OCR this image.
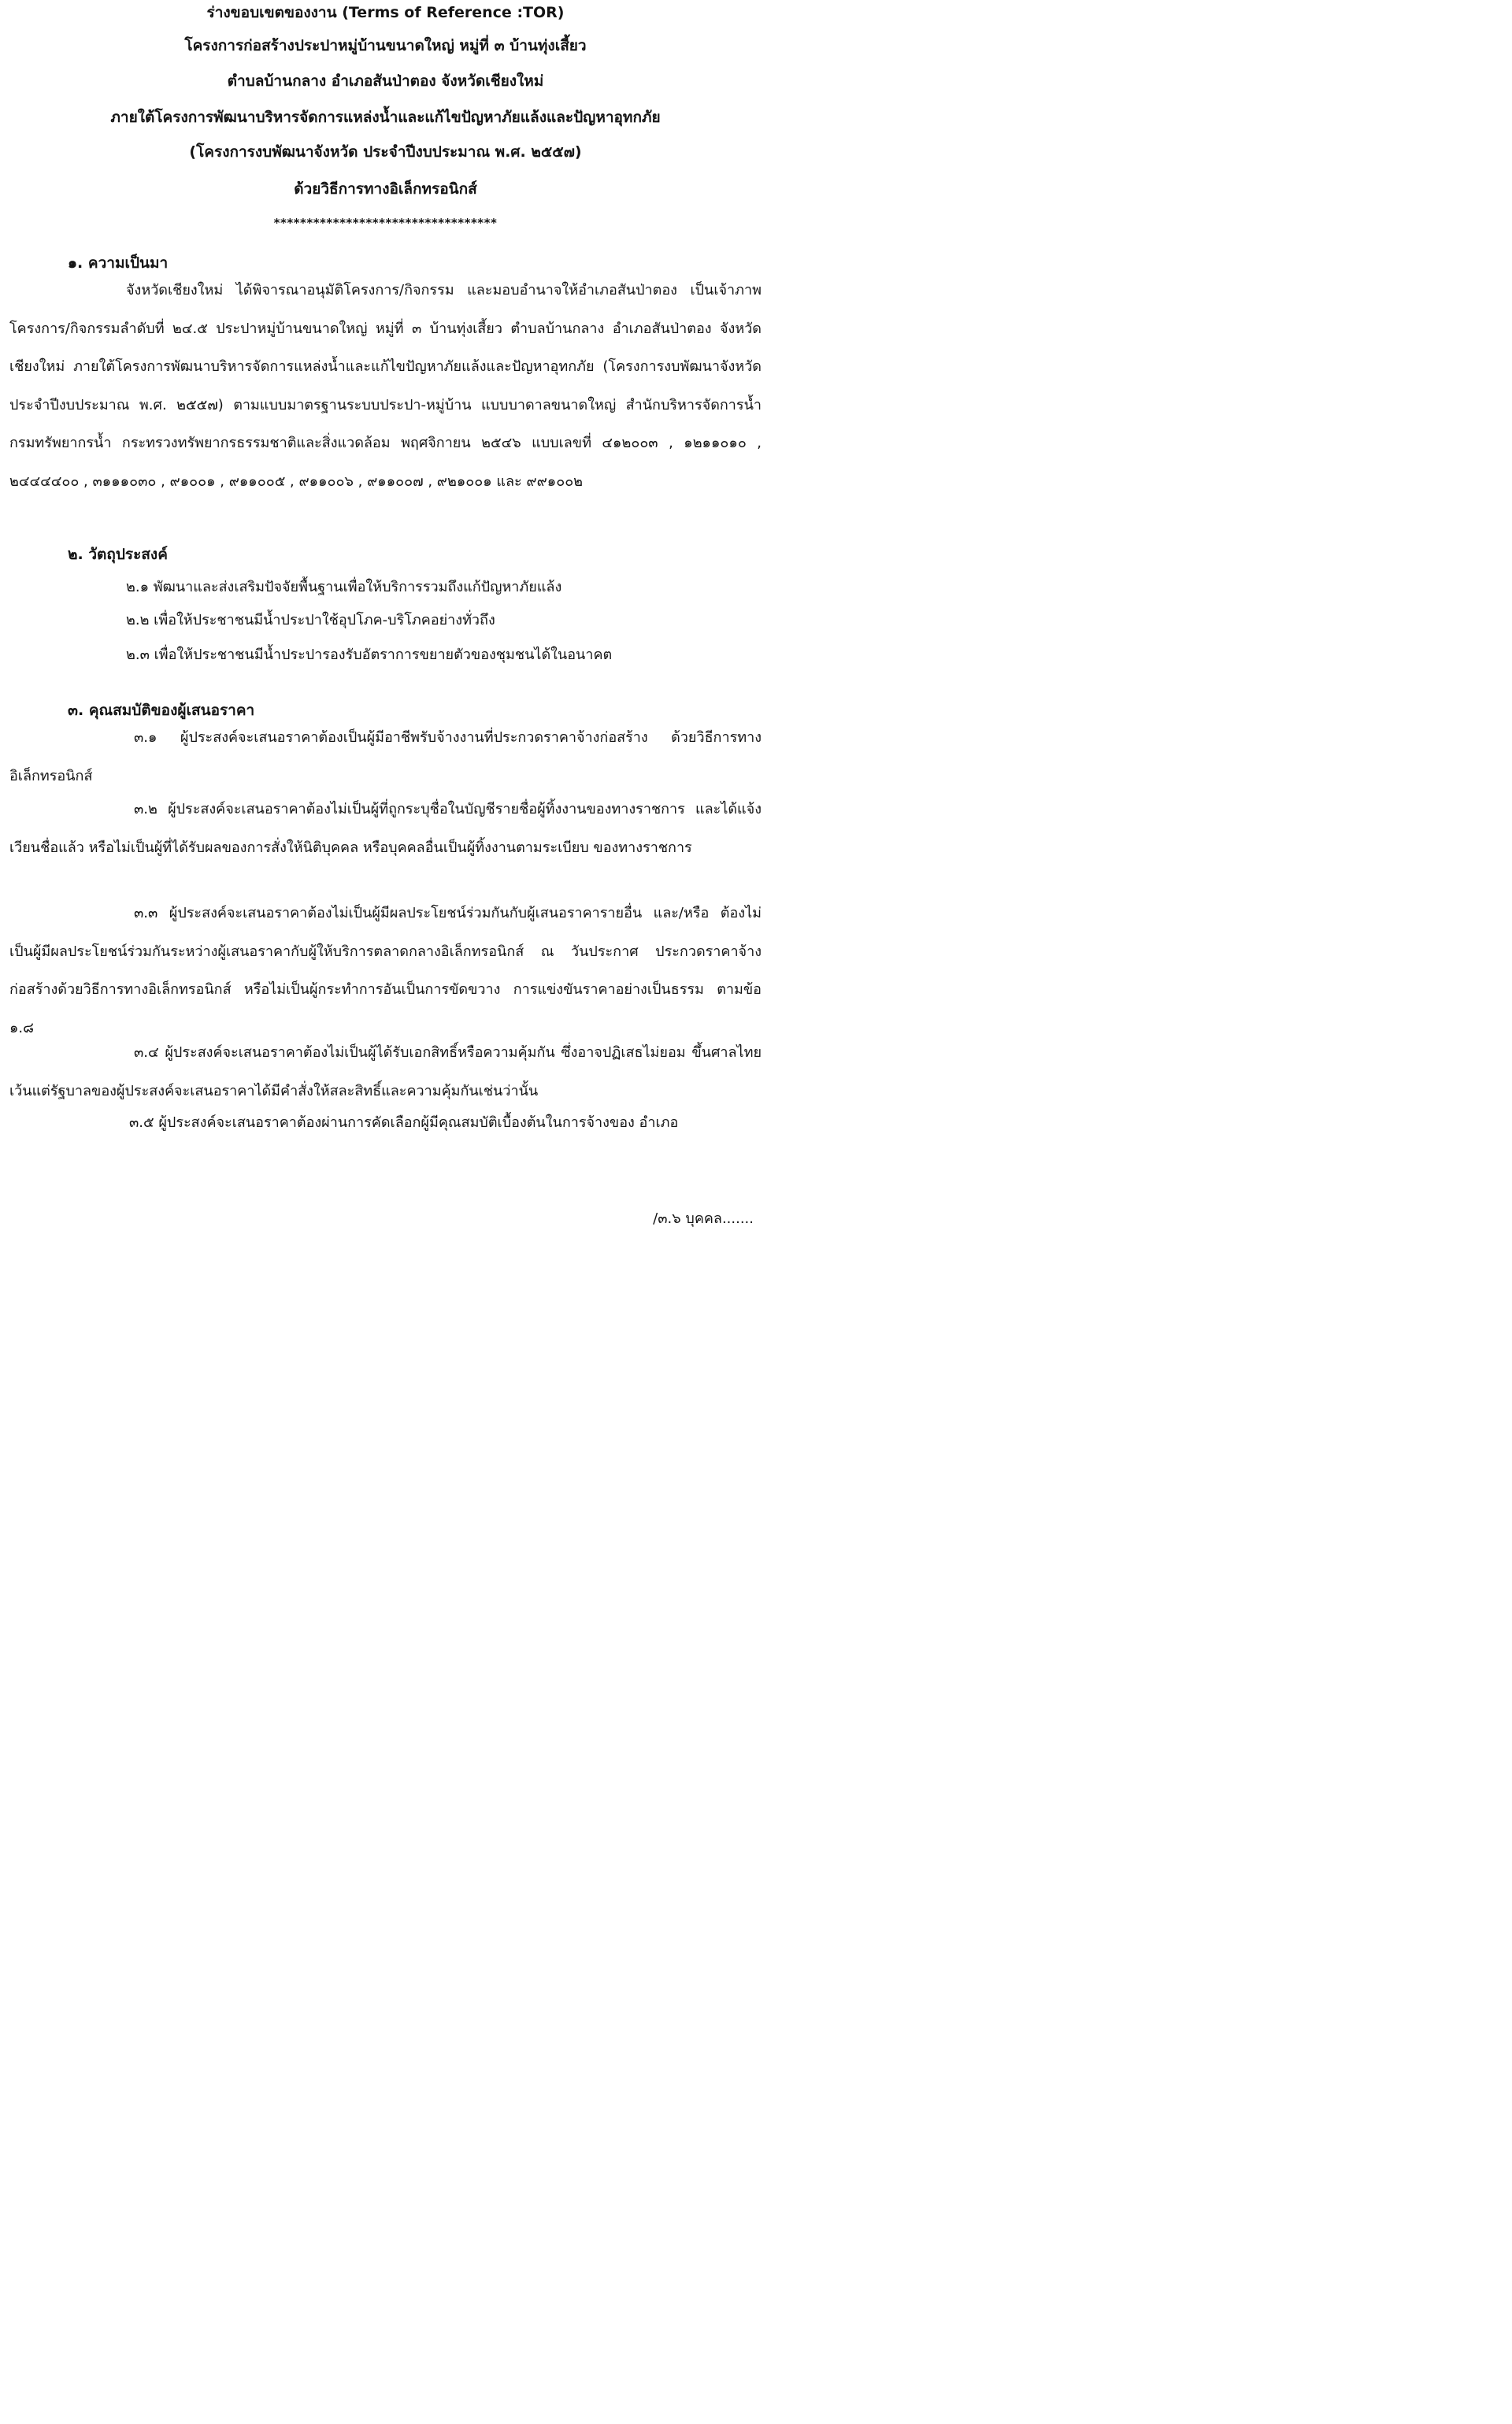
ร่างขอบเขตของงาน (Terms of Reference :TOR)
โครงการก่อสร้างประปาหมู่บ้านขนาดใหญ่ หมู่ที่ ๓ บ้านทุ่งเสี้ยว
ตำบลบ้านกลาง อำเภอสันป่าตอง จังหวัดเชียงใหม่
ภายใต้โครงการพัฒนาบริหารจัดการแหล่งน้ำและแก้ไขปัญหาภัยแล้งและปัญหาอุทกภัย
(โครงการงบพัฒนาจังหวัด ประจำปีงบประมาณ พ.ศ. ๒๕๕๗)
ด้วยวิธีการทางอิเล็กทรอนิกส์
**********************************
๑. ความเป็นมา

จังหวัดเชียงใหม่ ได้พิจารณาอนุมัติโครงการ/กิจกรรม และมอบอำนาจให้อำเภอสันป่าตอง เป็นเจ้าภาพโครงการ/กิจกรรมลำดับที่ ๒๔.๕ ประปาหมู่บ้านขนาดใหญ่ หมู่ที่ ๓ บ้านทุ่งเสี้ยว ตำบลบ้านกลาง อำเภอสันป่าตอง จังหวัดเชียงใหม่ ภายใต้โครงการพัฒนาบริหารจัดการแหล่งน้ำและแก้ไขปัญหาภัยแล้งและปัญหาอุทกภัย (โครงการงบพัฒนาจังหวัด ประจำปีงบประมาณ พ.ศ. ๒๕๕๗) ตามแบบมาตรฐานระบบประปา-หมู่บ้าน แบบบาดาลขนาดใหญ่ สำนักบริหารจัดการน้ำ กรมทรัพยากรน้ำ กระทรวงทรัพยากรธรรมชาติและสิ่งแวดล้อม พฤศจิกายน ๒๕๔๖ แบบเลขที่ ๔๑๒๐๐๓ , ๑๒๑๑๐๑๐ , ๒๔๔๔๔๐๐ , ๓๑๑๑๐๓๐ , ๙๑๐๐๑ , ๙๑๑๐๐๕ , ๙๑๑๐๐๖ , ๙๑๑๐๐๗ , ๙๒๑๐๐๑ และ ๙๙๑๐๐๒

๒. วัตถุประสงค์
๒.๑ พัฒนาและส่งเสริมปัจจัยพื้นฐานเพื่อให้บริการรวมถึงแก้ปัญหาภัยแล้ง
๒.๒ เพื่อให้ประชาชนมีน้ำประปาใช้อุปโภค-บริโภคอย่างทั่วถึง
๒.๓ เพื่อให้ประชาชนมีน้ำประปารองรับอัตราการขยายตัวของชุมชนได้ในอนาคต
๓. คุณสมบัติของผู้เสนอราคา

๓.๑ ผู้ประสงค์จะเสนอราคาต้องเป็นผู้มีอาชีพรับจ้างงานที่ประกวดราคาจ้างก่อสร้าง ด้วยวิธีการทางอิเล็กทรอนิกส์

๓.๒ ผู้ประสงค์จะเสนอราคาต้องไม่เป็นผู้ที่ถูกระบุชื่อในบัญชีรายชื่อผู้ทิ้งงานของทางราชการ และได้แจ้งเวียนชื่อแล้ว หรือไม่เป็นผู้ที่ได้รับผลของการสั่งให้นิติบุคคล หรือบุคคลอื่นเป็นผู้ทิ้งงานตามระเบียบ ของทางราชการ

๓.๓ ผู้ประสงค์จะเสนอราคาต้องไม่เป็นผู้มีผลประโยชน์ร่วมกันกับผู้เสนอราคารายอื่น และ/หรือ ต้องไม่เป็นผู้มีผลประโยชน์ร่วมกันระหว่างผู้เสนอราคากับผู้ให้บริการตลาดกลางอิเล็กทรอนิกส์ ณ วันประกาศ ประกวดราคาจ้างก่อสร้างด้วยวิธีการทางอิเล็กทรอนิกส์ หรือไม่เป็นผู้กระทำการอันเป็นการขัดขวาง การแข่งขันราคาอย่างเป็นธรรม ตามข้อ ๑.๘

๓.๔ ผู้ประสงค์จะเสนอราคาต้องไม่เป็นผู้ได้รับเอกสิทธิ์หรือความคุ้มกัน ซึ่งอาจปฏิเสธไม่ยอม ขึ้นศาลไทย เว้นแต่รัฐบาลของผู้ประสงค์จะเสนอราคาได้มีคำสั่งให้สละสิทธิ์และความคุ้มกันเช่นว่านั้น

๓.๕ ผู้ประสงค์จะเสนอราคาต้องผ่านการคัดเลือกผู้มีคุณสมบัติเบื้องต้นในการจ้างของ อำเภอ

/๓.๖ บุคคล.......
